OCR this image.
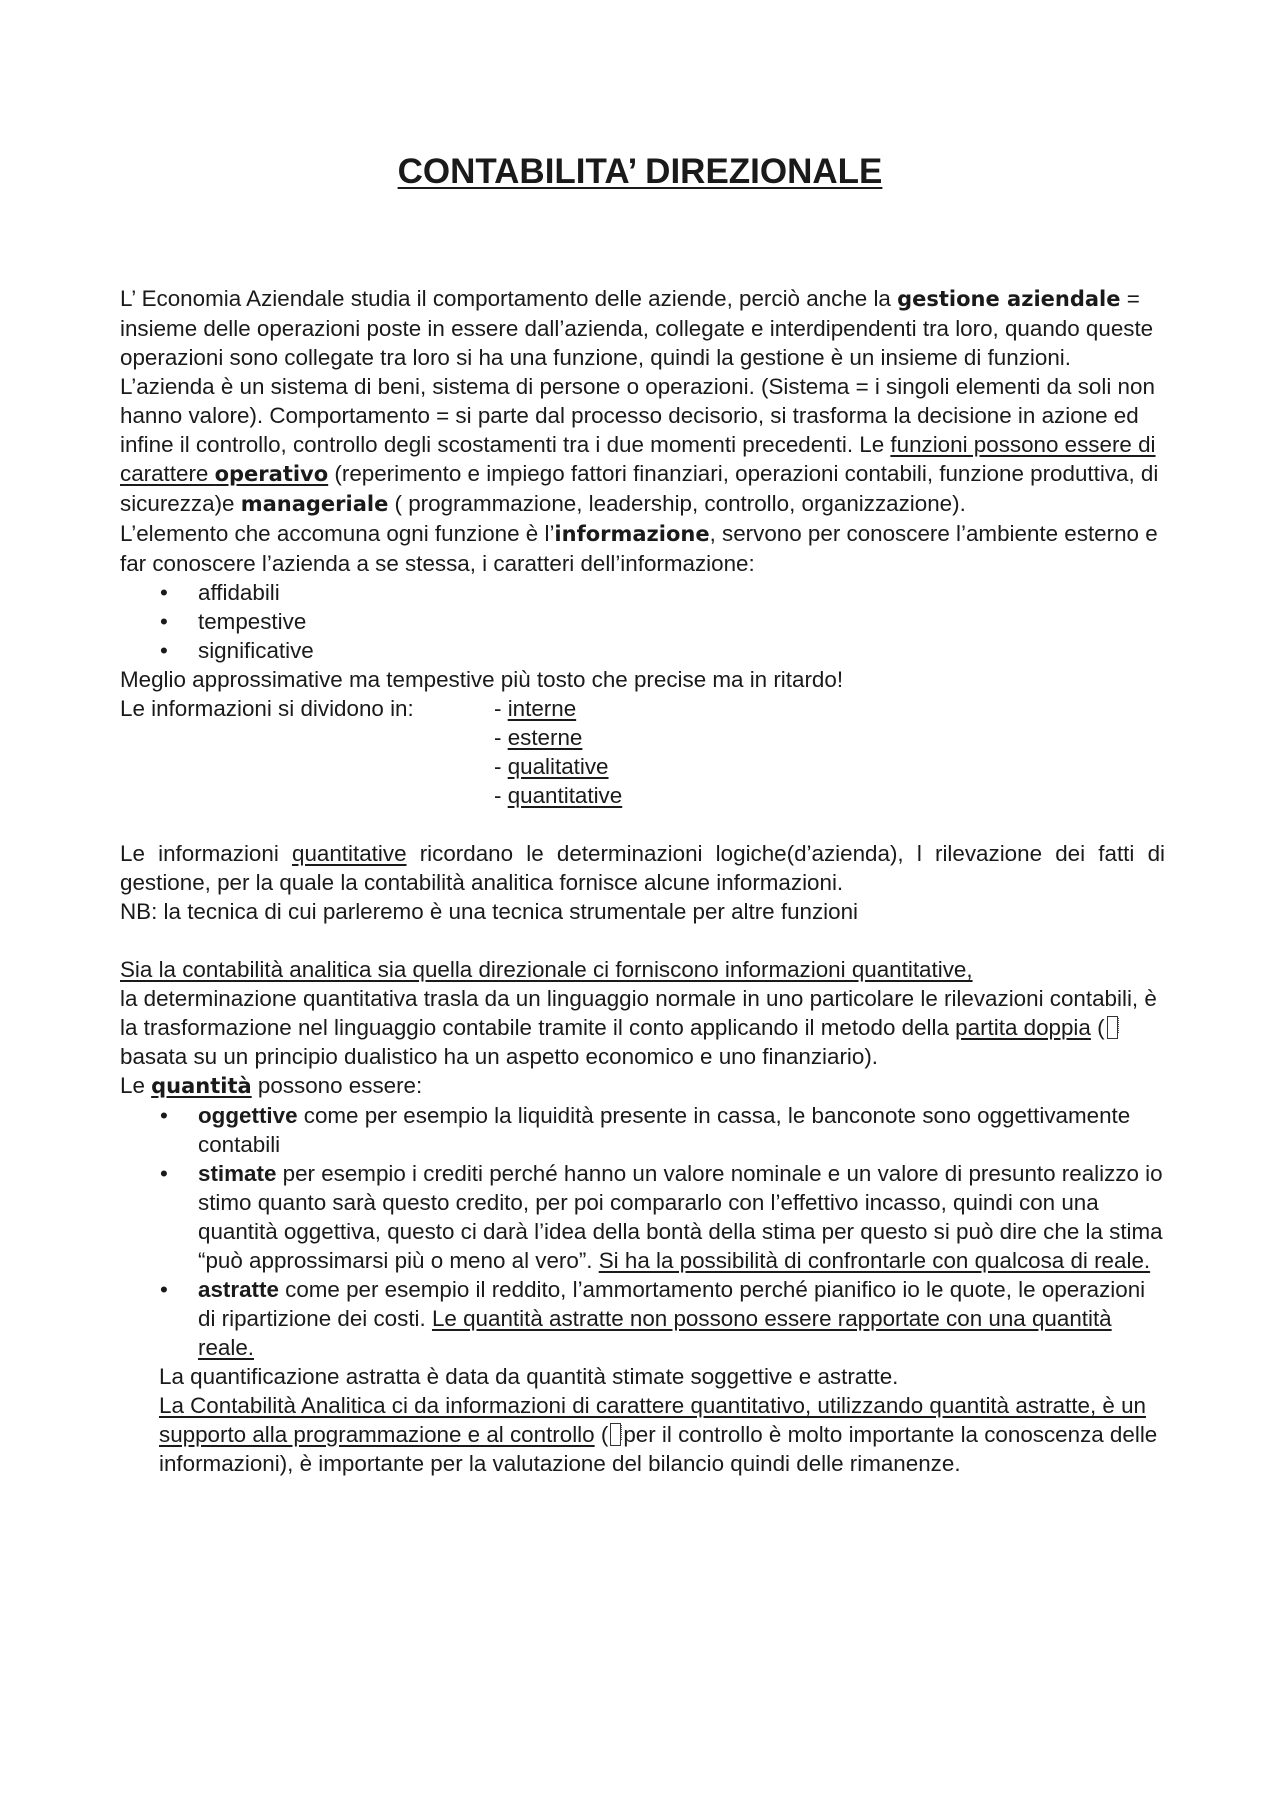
CONTABILITA’ DIREZIONALE

L’ Economia Aziendale studia il comportamento delle aziende, perciò anche la gestione aziendale = insieme delle operazioni poste in essere dall’azienda, collegate e interdipendenti tra loro, quando queste operazioni sono collegate tra loro si ha una funzione, quindi la gestione è un insieme di funzioni. L’azienda è un sistema di beni, sistema di persone o operazioni. (Sistema = i singoli elementi da soli non hanno valore). Comportamento = si parte dal processo decisorio, si trasforma la decisione in azione ed infine il controllo, controllo degli scostamenti tra i due momenti precedenti. Le funzioni possono essere di carattere operativo (reperimento e impiego fattori finanziari, operazioni contabili, funzione produttiva, di sicurezza)e manageriale ( programmazione, leadership, controllo, organizzazione).

L’elemento che accomuna ogni funzione è l’informazione, servono per conoscere l’ambiente esterno e far conoscere l’azienda a se stessa, i caratteri dell’informazione:

• affidabili
• tempestive
• significative

Meglio approssimative ma tempestive più tosto che precise ma in ritardo!

Le informazioni si dividono in:	- interne
- esterne
- qualitative
- quantitative

Le informazioni quantitative ricordano le determinazioni logiche(d’azienda), l rilevazione dei fatti di gestione, per la quale la contabilità analitica fornisce alcune informazioni.

NB: la tecnica di cui parleremo è una tecnica strumentale per altre funzioni

Sia la contabilità analitica sia quella direzionale ci forniscono informazioni quantitative,
la determinazione quantitativa trasla da un linguaggio normale in uno particolare le rilevazioni contabili, è la trasformazione nel linguaggio contabile tramite il conto applicando il metodo della partita doppia (basata su un principio dualistico ha un aspetto economico e uno finanziario).

Le quantità possono essere:

• oggettive come per esempio la liquidità presente in cassa, le banconote sono oggettivamente contabili
• stimate per esempio i crediti perché hanno un valore nominale e un valore di presunto realizzo io stimo quanto sarà questo credito, per poi compararlo con l’effettivo incasso, quindi con una quantità oggettiva, questo ci darà l’idea della bontà della stima per questo si può dire che la stima “può approssimarsi più o meno al vero”. Si ha la possibilità di confrontarle con qualcosa di reale.
• astratte come per esempio il reddito, l’ammortamento perché pianifico io le quote, le operazioni di ripartizione dei costi. Le quantità astratte non possono essere rapportate con una quantità reale.

La quantificazione astratta è data da quantità stimate soggettive e astratte.

La Contabilità Analitica ci da informazioni di carattere quantitativo, utilizzando quantità astratte, è un supporto alla programmazione e al controllo ( per il controllo è molto importante la conoscenza delle informazioni), è importante per la valutazione del bilancio quindi delle rimanenze.
